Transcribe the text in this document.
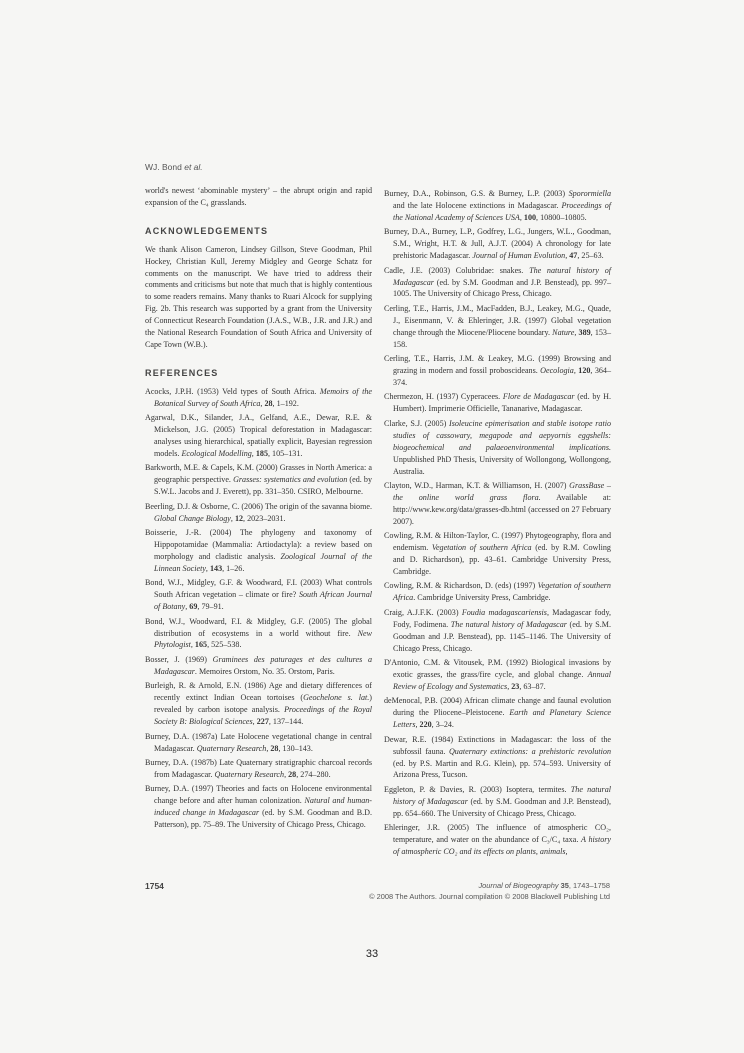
WJ. Bond et al.

world's newest ‘abominable mystery’ – the abrupt origin and rapid expansion of the C₄ grasslands.

ACKNOWLEDGEMENTS

We thank Alison Cameron, Lindsey Gillson, Steve Goodman, Phil Hockey, Christian Kull, Jeremy Midgley and George Schatz for comments on the manuscript. We have tried to address their comments and criticisms but note that much that is highly contentious to some readers remains. Many thanks to Ruari Alcock for supplying Fig. 2b. This research was supported by a grant from the University of Connecticut Research Foundation (J.A.S., W.B., J.R. and J.R.) and the National Research Foundation of South Africa and University of Cape Town (W.B.).

REFERENCES

Acocks, J.P.H. (1953) Veld types of South Africa. Memoirs of the Botanical Survey of South Africa, 28, 1–192.

Agarwal, D.K., Silander, J.A., Gelfand, A.E., Dewar, R.E. & Mickelson, J.G. (2005) Tropical deforestation in Madagascar: analyses using hierarchical, spatially explicit, Bayesian regression models. Ecological Modelling, 185, 105–131.

Barkworth, M.E. & Capels, K.M. (2000) Grasses in North America: a geographic perspective. Grasses: systematics and evolution (ed. by S.W.L. Jacobs and J. Everett), pp. 331–350. CSIRO, Melbourne.

Beerling, D.J. & Osborne, C. (2006) The origin of the savanna biome. Global Change Biology, 12, 2023–2031.

Boisserie, J.-R. (2004) The phylogeny and taxonomy of Hippopotamidae (Mammalia: Artiodactyla): a review based on morphology and cladistic analysis. Zoological Journal of the Linnean Society, 143, 1–26.

Bond, W.J., Midgley, G.F. & Woodward, F.I. (2003) What controls South African vegetation – climate or fire? South African Journal of Botany, 69, 79–91.

Bond, W.J., Woodward, F.I. & Midgley, G.F. (2005) The global distribution of ecosystems in a world without fire. New Phytologist, 165, 525–538.

Bosser, J. (1969) Graminees des paturages et des cultures a Madagascar. Memoires Orstom, No. 35. Orstom, Paris.

Burleigh, R. & Arnold, E.N. (1986) Age and dietary differences of recently extinct Indian Ocean tortoises (Geochelone s. lat.) revealed by carbon isotope analysis. Proceedings of the Royal Society B: Biological Sciences, 227, 137–144.

Burney, D.A. (1987a) Late Holocene vegetational change in central Madagascar. Quaternary Research, 28, 130–143.

Burney, D.A. (1987b) Late Quaternary stratigraphic charcoal records from Madagascar. Quaternary Research, 28, 274–280.

Burney, D.A. (1997) Theories and facts on Holocene environmental change before and after human colonization. Natural and human-induced change in Madagascar (ed. by S.M. Goodman and B.D. Patterson), pp. 75–89. The University of Chicago Press, Chicago.

Burney, D.A., Robinson, G.S. & Burney, L.P. (2003) Sporormiella and the late Holocene extinctions in Madagascar. Proceedings of the National Academy of Sciences USA, 100, 10800–10805.

Burney, D.A., Burney, L.P., Godfrey, L.G., Jungers, W.L., Goodman, S.M., Wright, H.T. & Jull, A.J.T. (2004) A chronology for late prehistoric Madagascar. Journal of Human Evolution, 47, 25–63.

Cadle, J.E. (2003) Colubridae: snakes. The natural history of Madagascar (ed. by S.M. Goodman and J.P. Benstead), pp. 997–1005. The University of Chicago Press, Chicago.

Cerling, T.E., Harris, J.M., MacFadden, B.J., Leakey, M.G., Quade, J., Eisenmann, V. & Ehleringer, J.R. (1997) Global vegetation change through the Miocene/Pliocene boundary. Nature, 389, 153–158.

Cerling, T.E., Harris, J.M. & Leakey, M.G. (1999) Browsing and grazing in modern and fossil proboscideans. Oecologia, 120, 364–374.

Chermezon, H. (1937) Cyperacees. Flore de Madagascar (ed. by H. Humbert). Imprimerie Officielle, Tananarive, Madagascar.

Clarke, S.J. (2005) Isoleucine epimerisation and stable isotope ratio studies of cassowary, megapode and aepyornis eggshells: biogeochemical and palaeoenvironmental implications. Unpublished PhD Thesis, University of Wollongong, Wollongong, Australia.

Clayton, W.D., Harman, K.T. & Williamson, H. (2007) GrassBase – the online world grass flora. Available at: http://www.kew.org/data/grasses-db.html (accessed on 27 February 2007).

Cowling, R.M. & Hilton-Taylor, C. (1997) Phytogeography, flora and endemism. Vegetation of southern Africa (ed. by R.M. Cowling and D. Richardson), pp. 43–61. Cambridge University Press, Cambridge.

Cowling, R.M. & Richardson, D. (eds) (1997) Vegetation of southern Africa. Cambridge University Press, Cambridge.

Craig, A.J.F.K. (2003) Foudia madagascariensis, Madagascar fody, Fody, Fodimena. The natural history of Madagascar (ed. by S.M. Goodman and J.P. Benstead), pp. 1145–1146. The University of Chicago Press, Chicago.

D'Antonio, C.M. & Vitousek, P.M. (1992) Biological invasions by exotic grasses, the grass/fire cycle, and global change. Annual Review of Ecology and Systematics, 23, 63–87.

deMenocal, P.B. (2004) African climate change and faunal evolution during the Pliocene–Pleistocene. Earth and Planetary Science Letters, 220, 3–24.

Dewar, R.E. (1984) Extinctions in Madagascar: the loss of the subfossil fauna. Quaternary extinctions: a prehistoric revolution (ed. by P.S. Martin and R.G. Klein), pp. 574–593. University of Arizona Press, Tucson.

Eggleton, P. & Davies, R. (2003) Isoptera, termites. The natural history of Madagascar (ed. by S.M. Goodman and J.P. Benstead), pp. 654–660. The University of Chicago Press, Chicago.

Ehleringer, J.R. (2005) The influence of atmospheric CO₂, temperature, and water on the abundance of C₃/C₄ taxa. A history of atmospheric CO₂ and its effects on plants, animals,

1754	Journal of Biogeography 35, 1743–1758
© 2008 The Authors. Journal compilation © 2008 Blackwell Publishing Ltd
33
